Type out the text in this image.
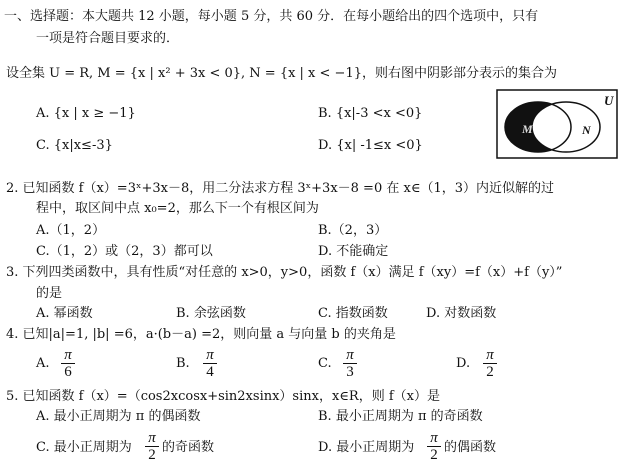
一、选择题：本大题共 12 小题，每小题 5 分，共 60 分．在每小题给出的四个选项中，只有
一项是符合题目要求的．
设全集 U = R, M = {x | x² + 3x < 0}, N = {x | x < −1}，则右图中阴影部分表示的集合为
A. {x | x ≥ −1}	B. {x|-3 <x <0}
C. {x|x≤-3}	D. {x| -1≤x <0}
U
M	N
2. 已知函数 f（x）=3ˣ+3x－8，用二分法求方程 3ˣ+3x－8 =0 在 x∈（1，3）内近似解的过
程中，取区间中点 x₀=2，那么下一个有根区间为
A.（1，2）	B.（2，3）
C.（1，2）或（2，3）都可以	D. 不能确定
3. 下列四类函数中，具有性质“对任意的 x>0，y>0，函数 f（x）满足 f（xy）=f（x）+f（y）”
的是
A. 幂函数	B. 余弦函数	C. 指数函数	D. 对数函数
4. 已知|a|=1, |b| =6，a·(b－a) =2，则向量 a 与向量 b 的夹角是
A.
π
6
B.
π
4
C.
π
3
D.
π
2
5. 已知函数 f（x）=（cos2xcosx+sin2xsinx）sinx，x∈R，则 f（x）是
A. 最小正周期为 π 的偶函数	B. 最小正周期为 π 的奇函数
C. 最小正周期为
π
2 的奇函数	D. 最小正周期为
π
2 的偶函数
